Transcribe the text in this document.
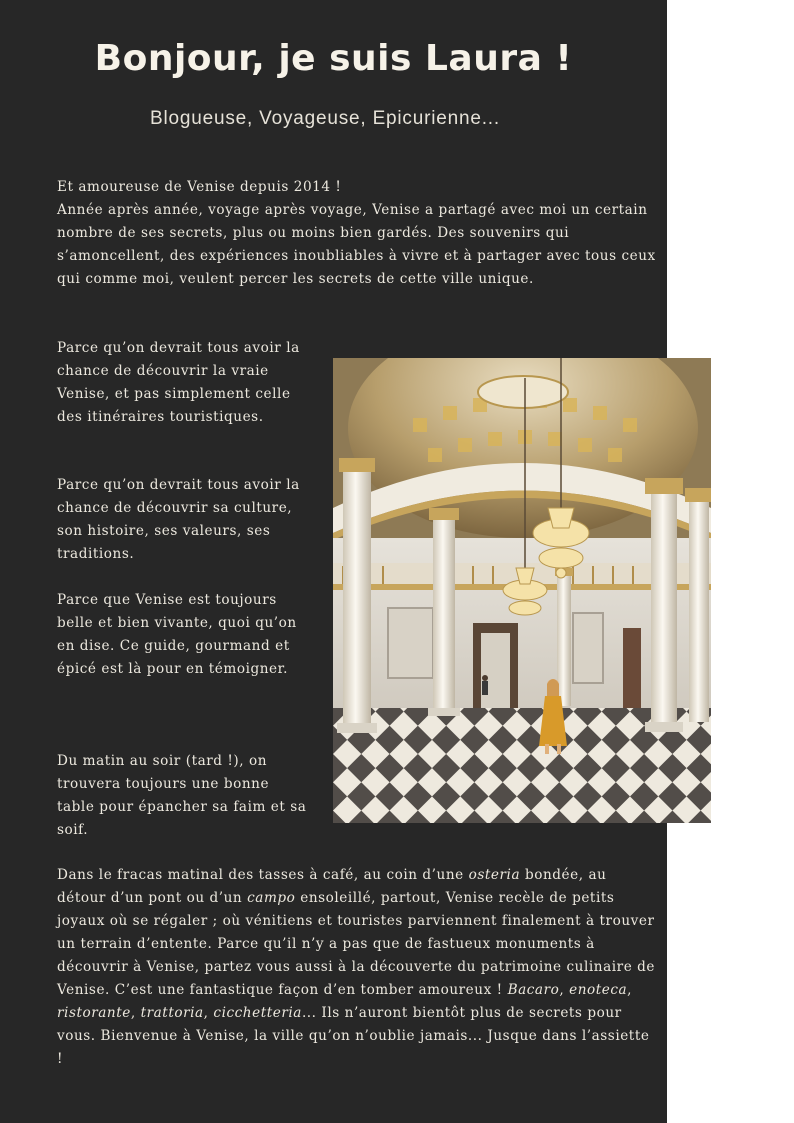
Bonjour, je suis Laura !

Blogueuse, Voyageuse, Epicurienne...

Et amoureuse de Venise depuis 2014 !
Année après année, voyage après voyage, Venise a partagé avec moi un certain nombre de ses secrets, plus ou moins bien gardés. Des souvenirs qui s’amoncellent, des expériences inoubliables à vivre et à partager avec tous ceux qui comme moi, veulent percer les secrets de cette ville unique.

Parce qu’on devrait tous avoir la chance de découvrir la vraie Venise, et pas simplement celle des itinéraires touristiques.

Parce qu’on devrait tous avoir la chance de découvrir sa culture, son histoire, ses valeurs, ses traditions.

Parce que Venise est toujours belle et bien vivante, quoi qu’on en dise. Ce guide, gourmand et épicé est là pour en témoigner.

Du matin au soir (tard !), on trouvera toujours une bonne table pour épancher sa faim et sa soif.

Dans le fracas matinal des tasses à café, au coin d’une osteria bondée, au détour d’un pont ou d’un campo ensoleillé, partout, Venise recèle de petits joyaux où se régaler ; où vénitiens et touristes parviennent finalement à trouver un terrain d’entente. Parce qu’il n’y a pas que de fastueux monuments à découvrir à Venise, partez vous aussi à la découverte du patrimoine culinaire de Venise. C’est une fantastique façon d’en tomber amoureux ! Bacaro, enoteca, ristorante, trattoria, cicchetteria... Ils n’auront bientôt plus de secrets pour vous. Bienvenue à Venise, la ville qu’on n’oublie jamais... Jusque dans l’assiette !
